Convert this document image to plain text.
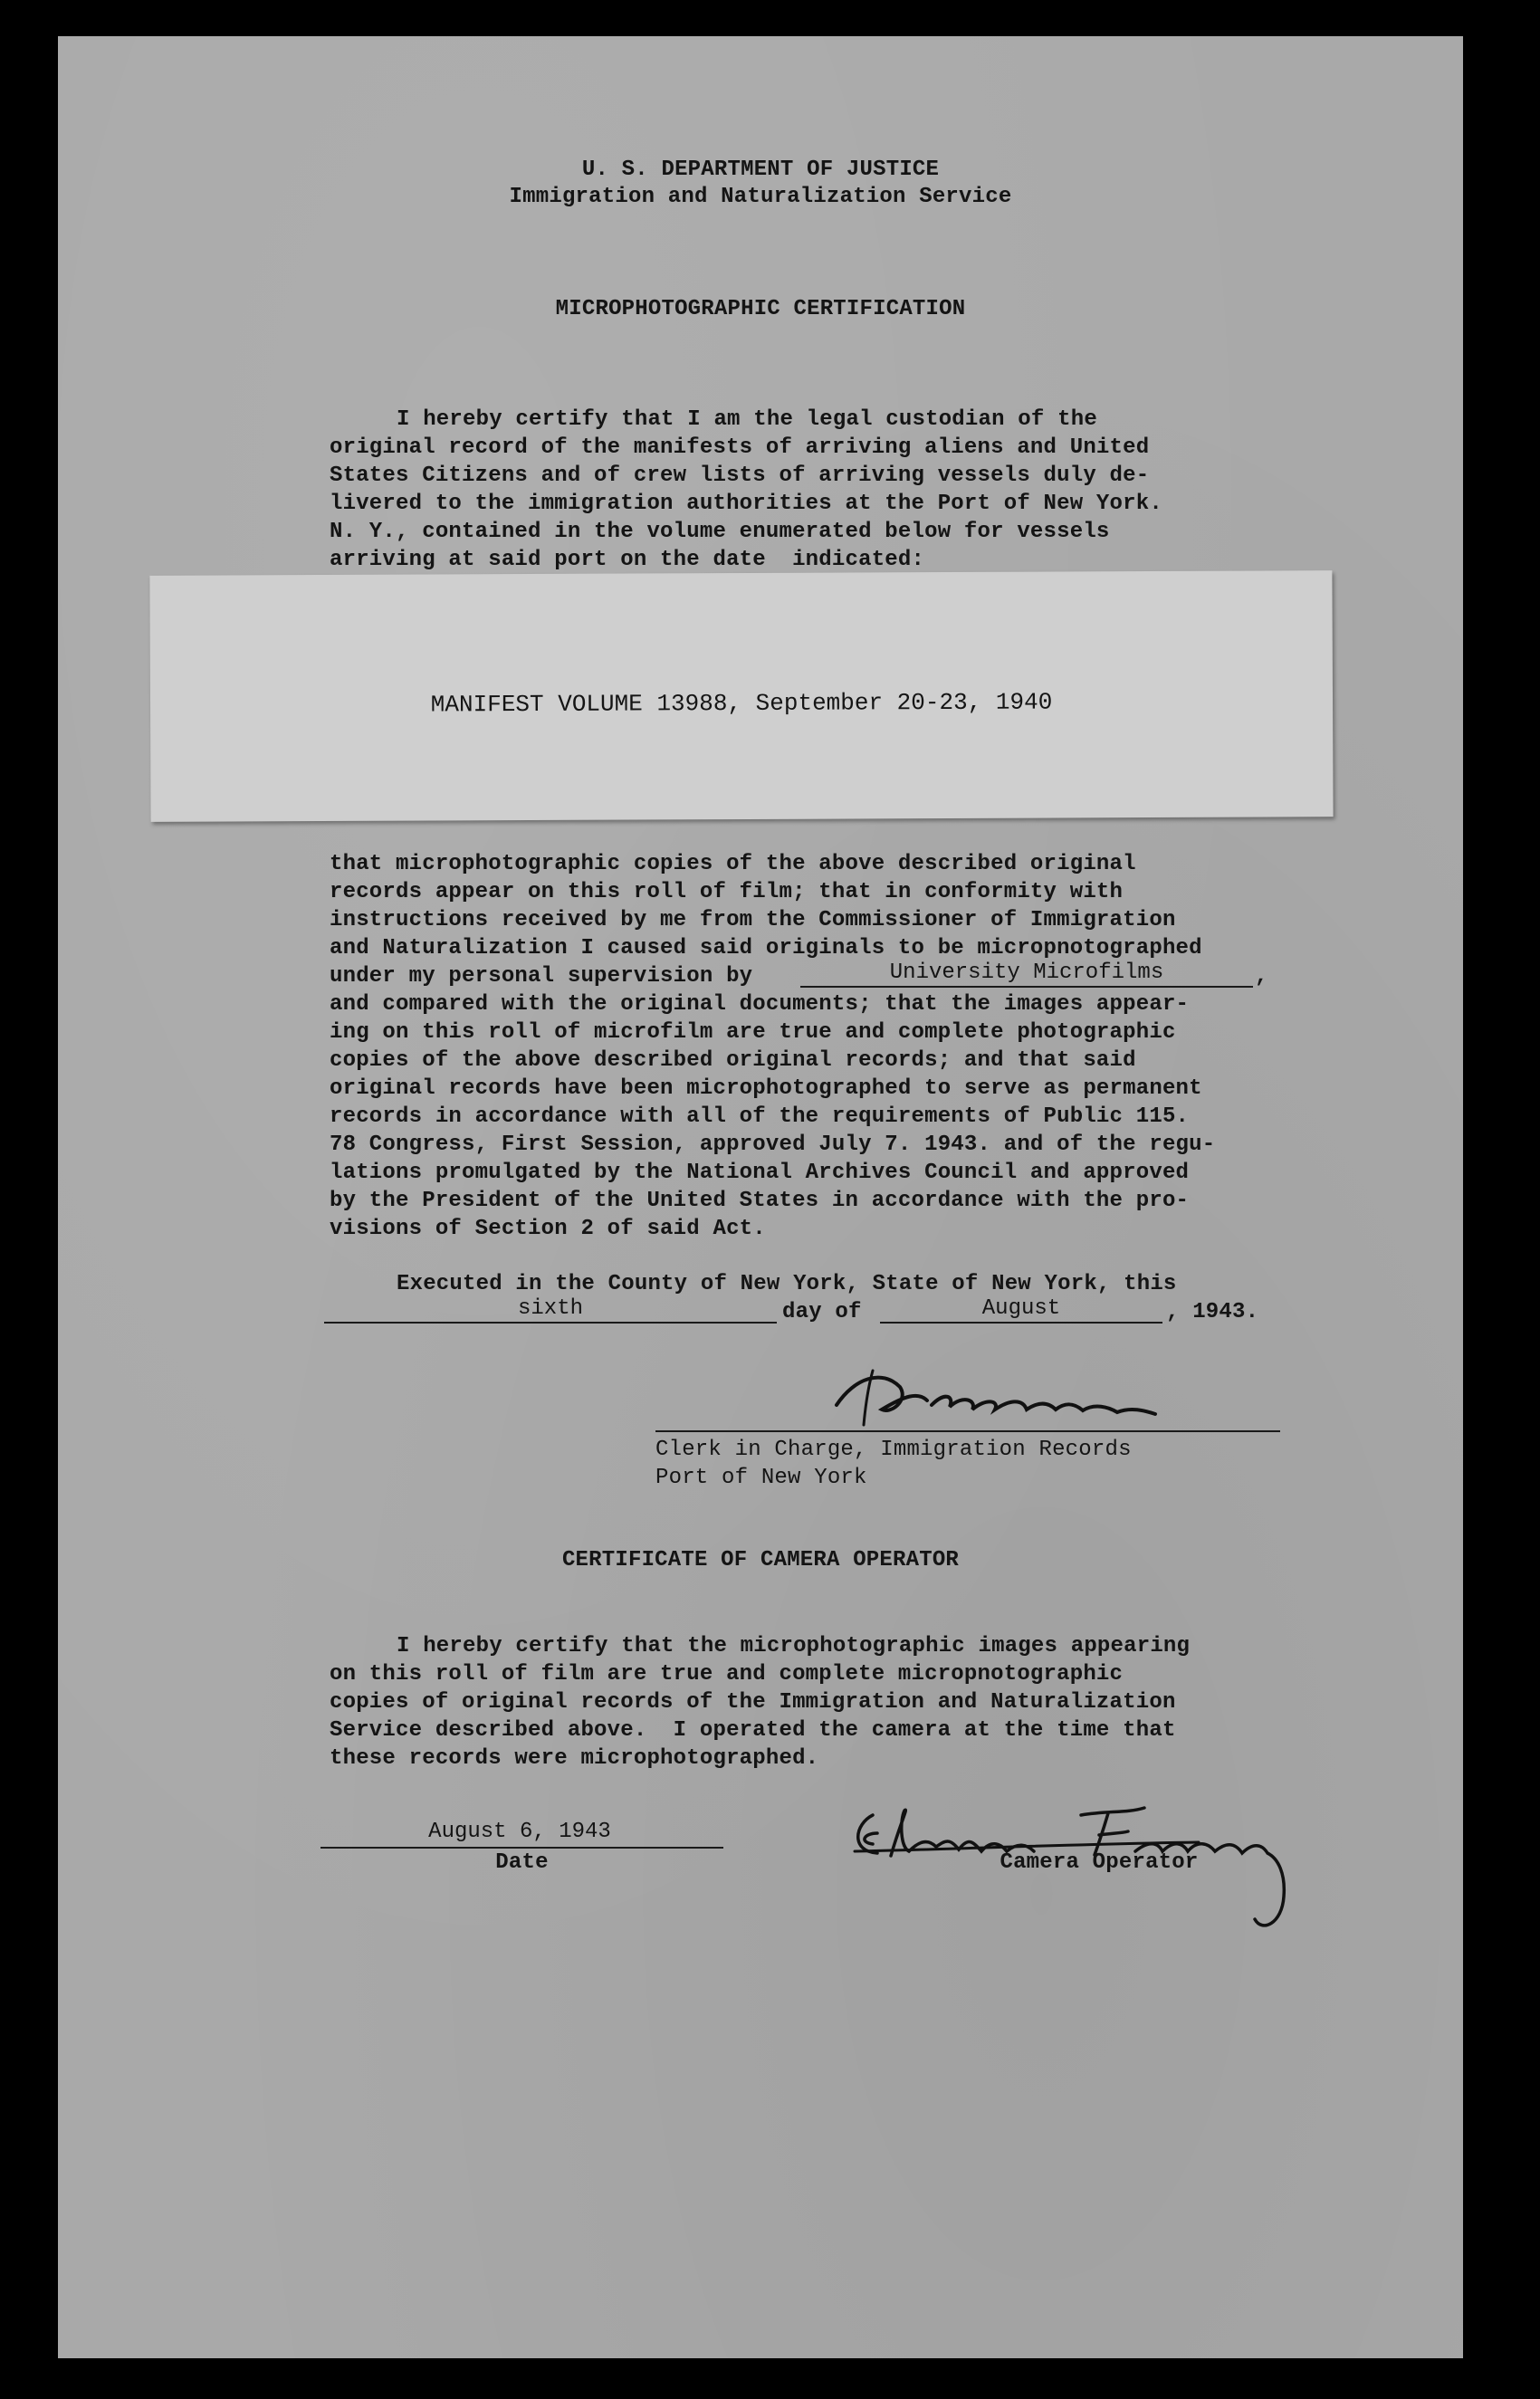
U. S. DEPARTMENT OF JUSTICE
Immigration and Naturalization Service
MICROPHOTOGRAPHIC CERTIFICATION
I hereby certify that I am the legal custodian of the
original record of the manifests of arriving aliens and United
States Citizens and of crew lists of arriving vessels duly de-
livered to the immigration authorities at the Port of New York.
N. Y., contained in the volume enumerated below for vessels
arriving at said port on the date  indicated:
MANIFEST VOLUME 13988, September 20-23, 1940
that microphotographic copies of the above described original
records appear on this roll of film; that in conformity with
instructions received by me from the Commissioner of Immigration
and Naturalization I caused said originals to be micropnotographed
under my personal supervision by	University Microfilms	,
and compared with the original documents; that the images appear-
ing on this roll of microfilm are true and complete photographic
copies of the above described original records; and that said
original records have been microphotographed to serve as permanent
records in accordance with all of the requirements of Public 115.
78 Congress, First Session, approved July 7. 1943. and of the regu-
lations promulgated by the National Archives Council and approved
by the President of the United States in accordance with the pro-
visions of Section 2 of said Act.
Executed in the County of New York, State of New York, this
sixth	day of	August	, 1943.
Clerk in Charge, Immigration Records
Port of New York
CERTIFICATE OF CAMERA OPERATOR
I hereby certify that the microphotographic images appearing
on this roll of film are true and complete micropnotographic
copies of original records of the Immigration and Naturalization
Service described above.  I operated the camera at the time that
these records were microphotographed.
August 6, 1943
Date	Camera Operator
